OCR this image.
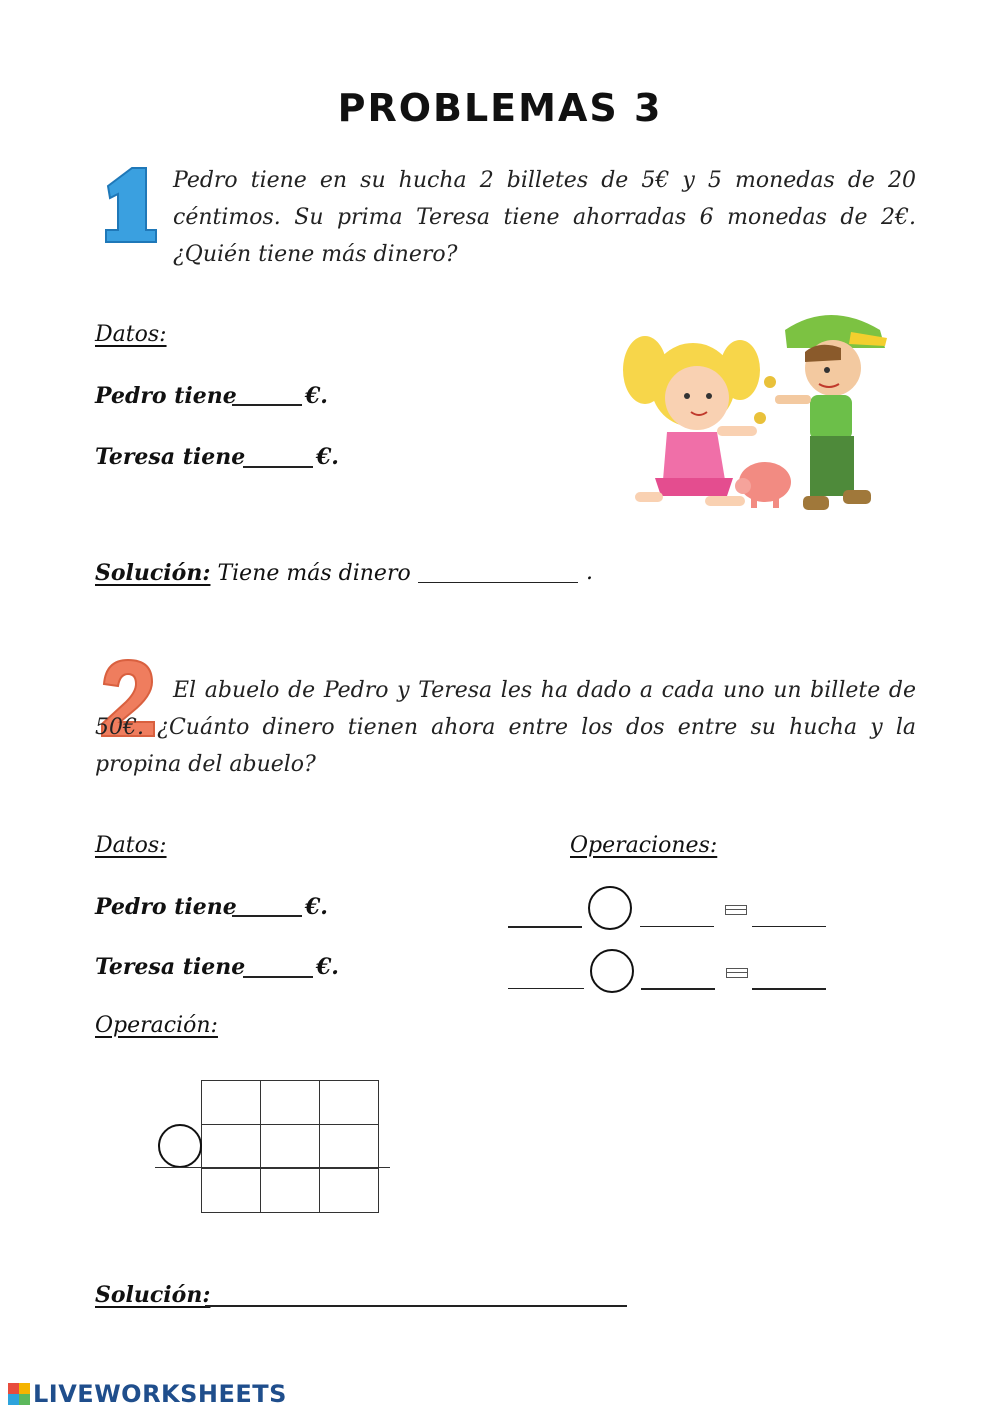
PROBLEMAS 3
Pedro tiene en su hucha 2 billetes de 5€ y 5 monedas de 20 céntimos. Su prima Teresa tiene ahorradas 6 monedas de 2€. ¿Quién tiene más dinero?
Datos:
Pedro tiene	€.
Teresa tiene	€.
Solución: Tiene más dinero	.
El abuelo de Pedro y Teresa les ha dado a cada uno un billete de 50€. ¿Cuánto dinero tienen ahora entre los dos entre su hucha y la propina del abuelo?
Datos:	Operaciones:
Pedro tiene	€.
Teresa tiene	€.
Operación:
Solución:
LIVEWORKSHEETS
